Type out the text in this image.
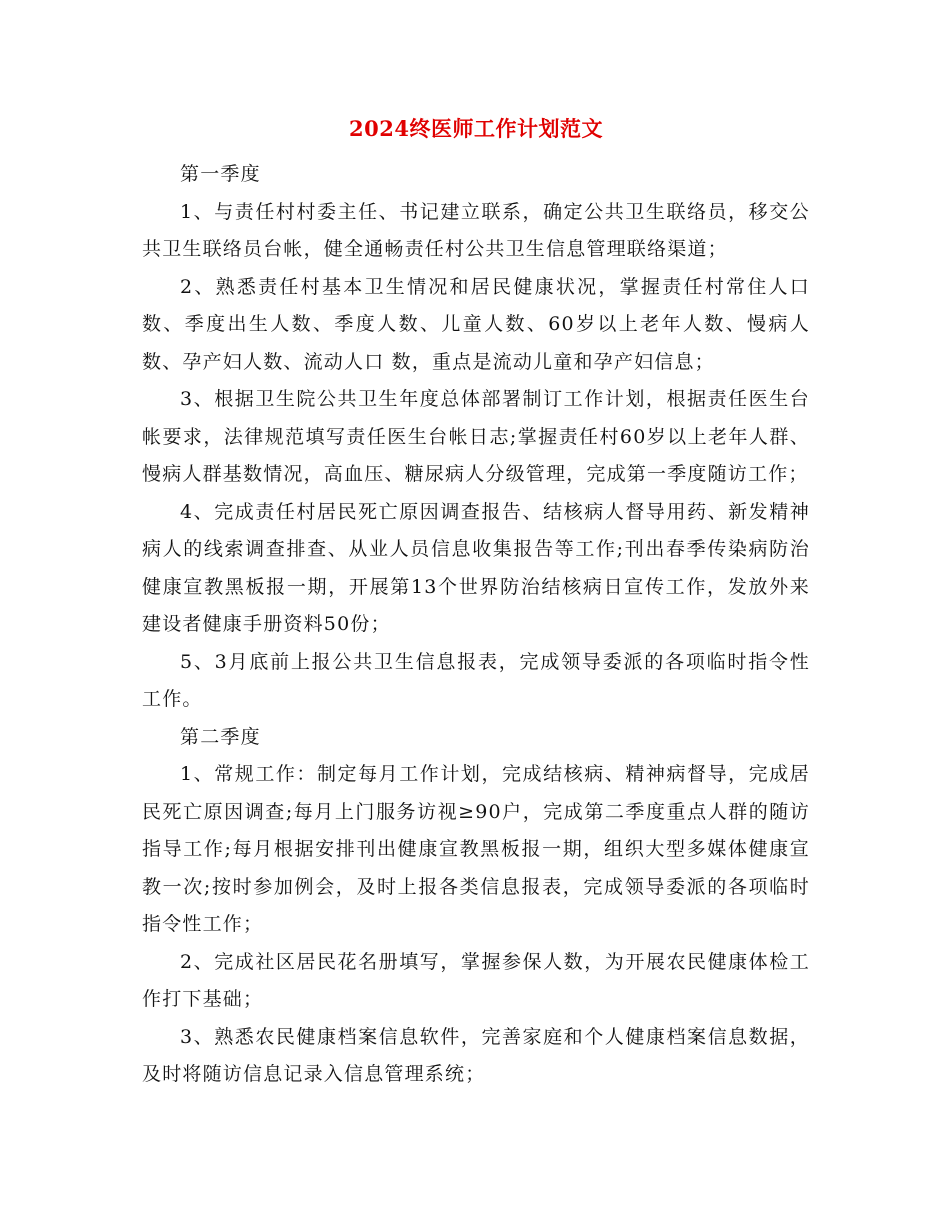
2024终医师工作计划范文

第一季度

1、与责任村村委主任、书记建立联系，确定公共卫生联络员，移交公共卫生联络员台帐，健全通畅责任村公共卫生信息管理联络渠道；

2、熟悉责任村基本卫生情况和居民健康状况，掌握责任村常住人口数、季度出生人数、季度人数、儿童人数、60岁以上老年人数、慢病人数、孕产妇人数、流动人口 数，重点是流动儿童和孕产妇信息；

3、根据卫生院公共卫生年度总体部署制订工作计划，根据责任医生台帐要求，法律规范填写责任医生台帐日志;掌握责任村60岁以上老年人群、慢病人群基数情况，高血压、糖尿病人分级管理，完成第一季度随访工作；

4、完成责任村居民死亡原因调查报告、结核病人督导用药、新发精神病人的线索调查排查、从业人员信息收集报告等工作;刊出春季传染病防治健康宣教黑板报一期，开展第13个世界防治结核病日宣传工作，发放外来建设者健康手册资料50份；

5、3月底前上报公共卫生信息报表，完成领导委派的各项临时指令性工作。

第二季度

1、常规工作：制定每月工作计划，完成结核病、精神病督导，完成居民死亡原因调查;每月上门服务访视≥90户，完成第二季度重点人群的随访指导工作;每月根据安排刊出健康宣教黑板报一期，组织大型多媒体健康宣教一次;按时参加例会，及时上报各类信息报表，完成领导委派的各项临时指令性工作；

2、完成社区居民花名册填写，掌握参保人数，为开展农民健康体检工作打下基础；

3、熟悉农民健康档案信息软件，完善家庭和个人健康档案信息数据，及时将随访信息记录入信息管理系统；
